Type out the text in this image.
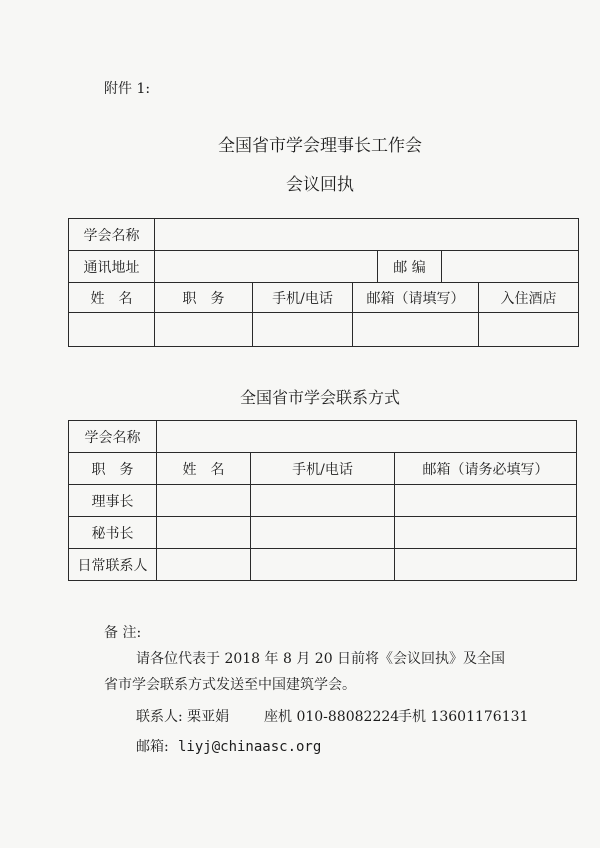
附件 1:
全国省市学会理事长工作会
会议回执
学会名称						
通讯地址				邮 编		
姓　名	职　务	手机/电话	邮箱（请填写）			入住酒店

全国省市学会联系方式
学会名称			
职　务	姓　名	手机/电话	邮箱（请务必填写）
理事长			
秘书长			
日常联系人			
备 注:
请各位代表于 2018 年 8 月 20 日前将《会议回执》及全国
省市学会联系方式发送至中国建筑学会。
联系人: 栗亚娟 座机 010-88082224
手机 13601176131
邮箱: liyj@chinaasc.org
